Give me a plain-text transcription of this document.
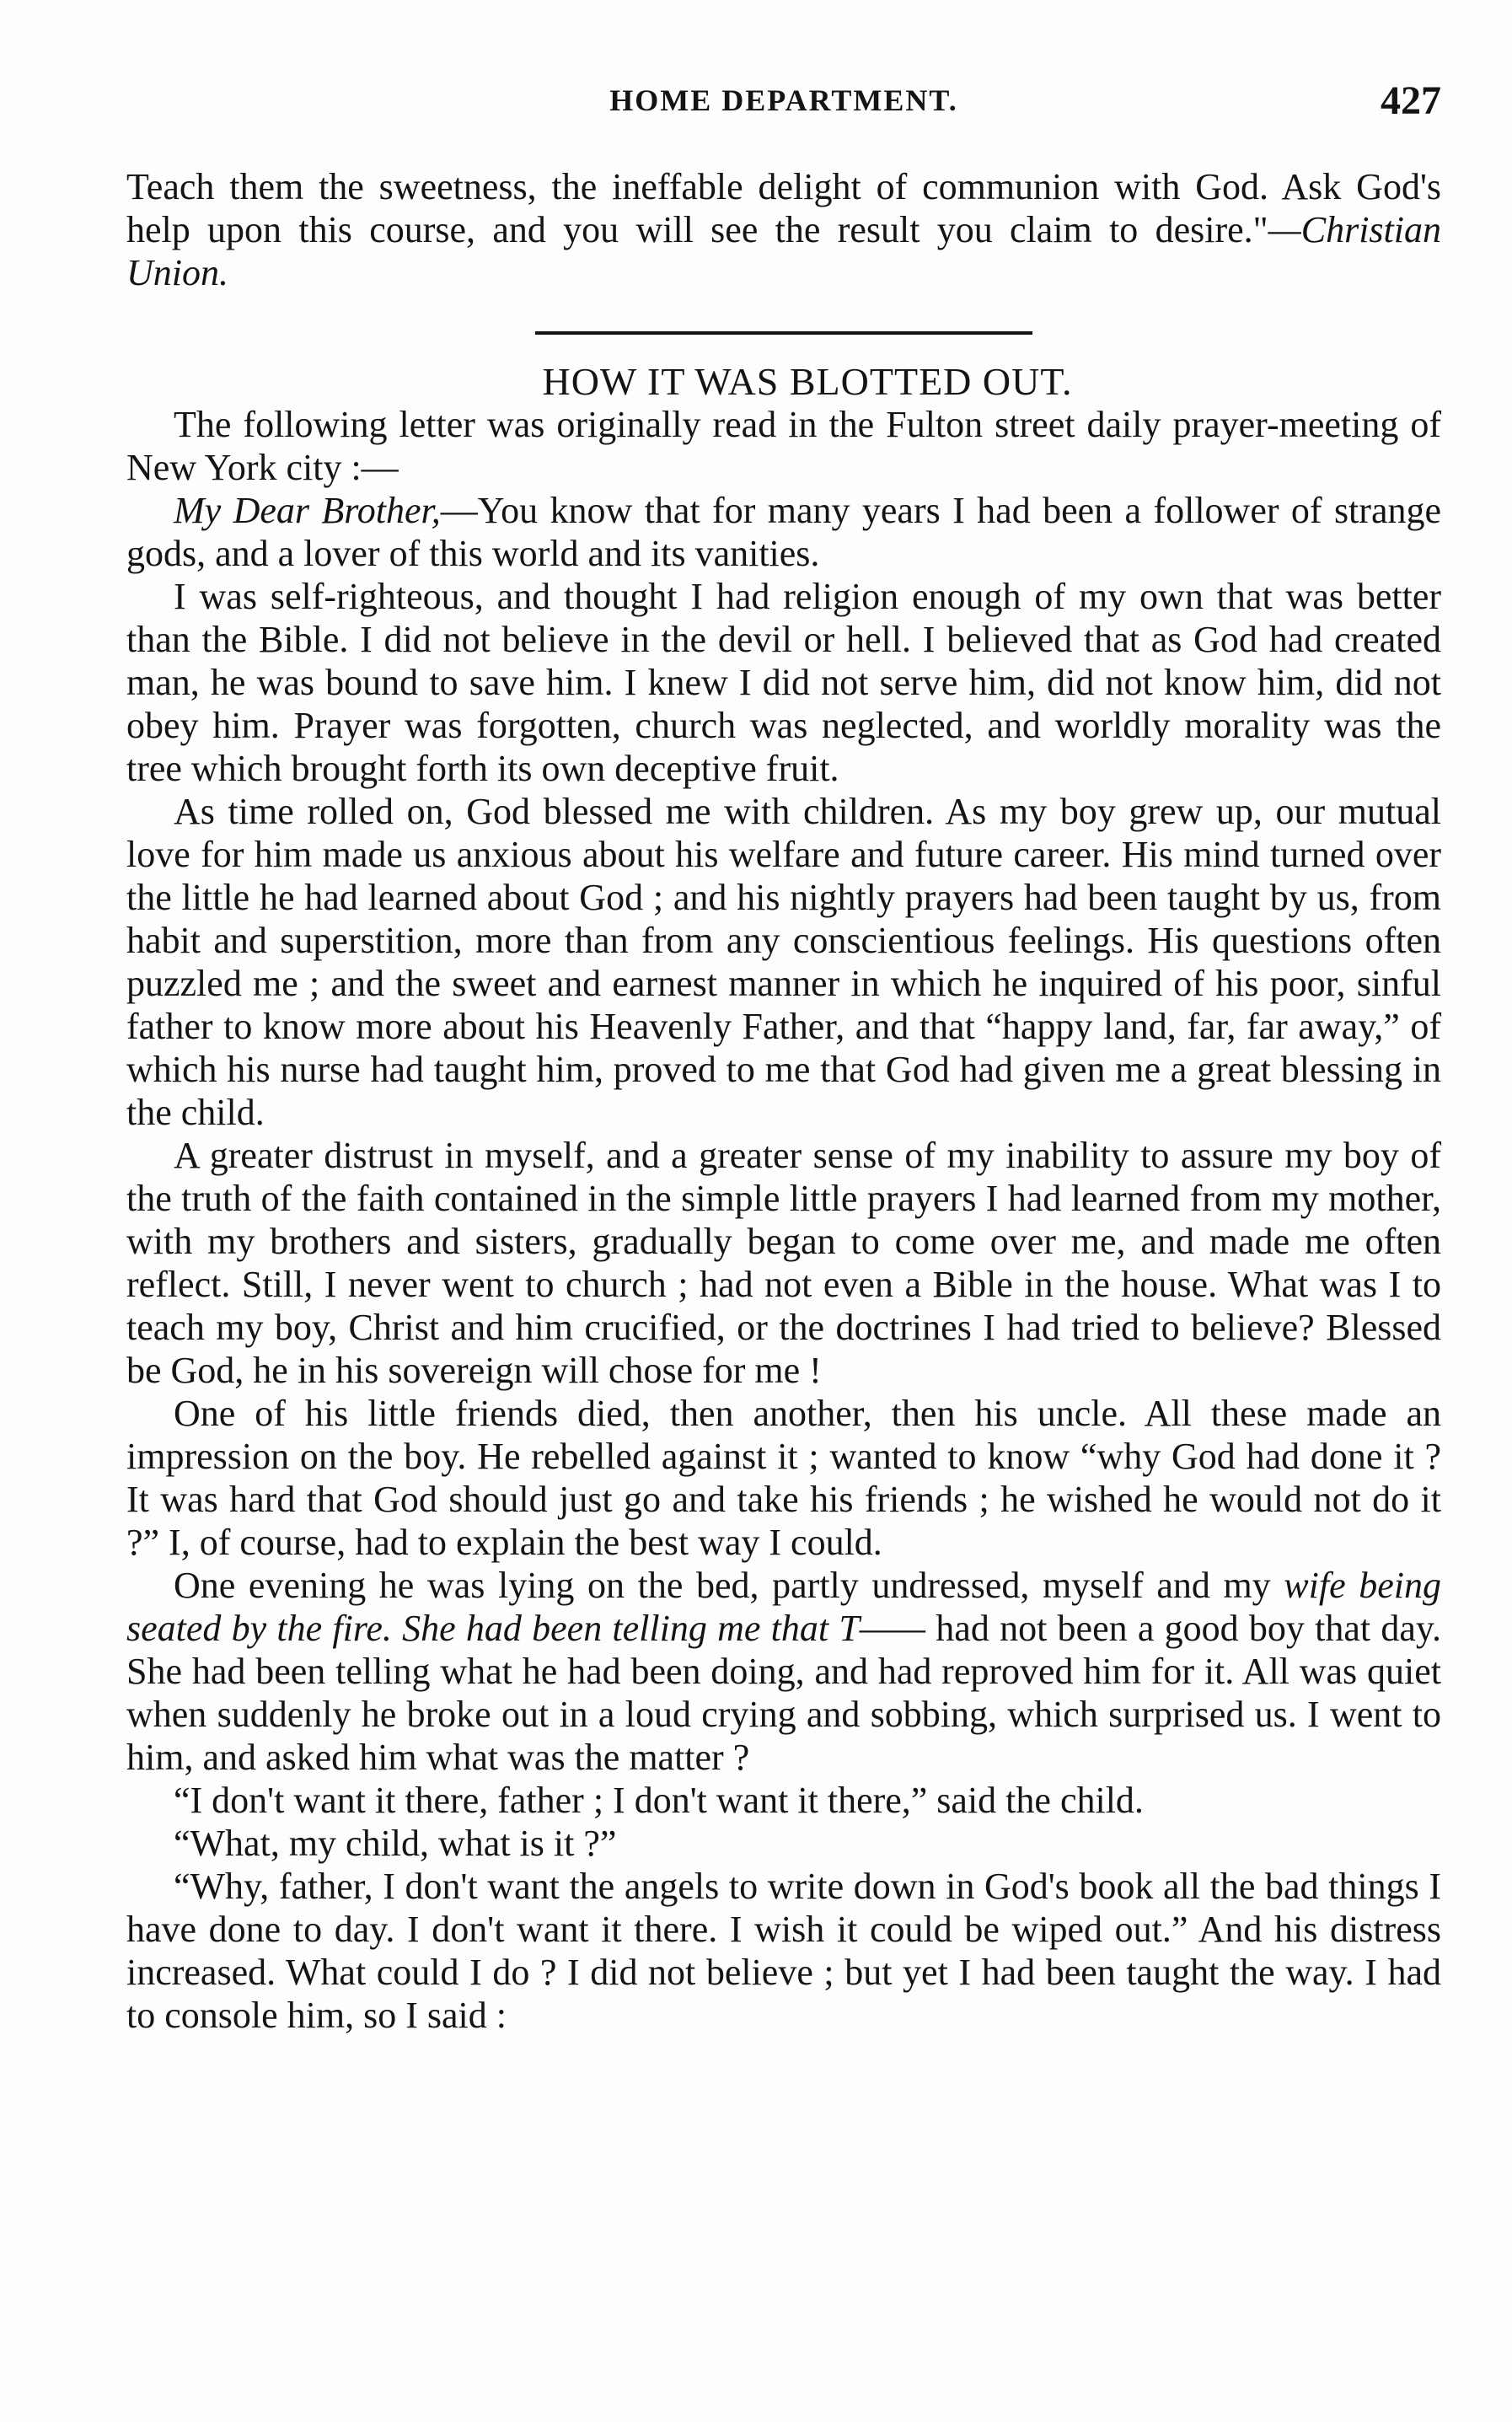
HOME DEPARTMENT.	427

Teach them the sweetness, the ineffable delight of communion with God. Ask God's help upon this course, and you will see the result you claim to desire."—Christian Union.

HOW IT WAS BLOTTED OUT.

The following letter was originally read in the Fulton street daily prayer-meeting of New York city :—

My Dear Brother,—You know that for many years I had been a follower of strange gods, and a lover of this world and its vanities.

I was self-righteous, and thought I had religion enough of my own that was better than the Bible. I did not believe in the devil or hell. I believed that as God had created man, he was bound to save him. I knew I did not serve him, did not know him, did not obey him. Prayer was forgotten, church was neglected, and worldly morality was the tree which brought forth its own deceptive fruit.

As time rolled on, God blessed me with children. As my boy grew up, our mutual love for him made us anxious about his welfare and future career. His mind turned over the little he had learned about God ; and his nightly prayers had been taught by us, from habit and superstition, more than from any conscientious feelings. His questions often puzzled me ; and the sweet and earnest manner in which he inquired of his poor, sinful father to know more about his Heavenly Father, and that “happy land, far, far away,” of which his nurse had taught him, proved to me that God had given me a great blessing in the child.

A greater distrust in myself, and a greater sense of my inability to assure my boy of the truth of the faith contained in the simple little prayers I had learned from my mother, with my brothers and sisters, gradually began to come over me, and made me often reflect. Still, I never went to church ; had not even a Bible in the house. What was I to teach my boy, Christ and him crucified, or the doctrines I had tried to believe? Blessed be God, he in his sovereign will chose for me !

One of his little friends died, then another, then his uncle. All these made an impression on the boy. He rebelled against it ; wanted to know “why God had done it ? It was hard that God should just go and take his friends ; he wished he would not do it ?” I, of course, had to explain the best way I could.

One evening he was lying on the bed, partly undressed, myself and my wife being seated by the fire. She had been telling me that T—— had not been a good boy that day. She had been telling what he had been doing, and had reproved him for it. All was quiet when suddenly he broke out in a loud crying and sobbing, which surprised us. I went to him, and asked him what was the matter ?

“I don't want it there, father ; I don't want it there,” said the child.

“What, my child, what is it ?”

“Why, father, I don't want the angels to write down in God's book all the bad things I have done to day. I don't want it there. I wish it could be wiped out.” And his distress increased. What could I do ? I did not believe ; but yet I had been taught the way. I had to console him, so I said :
